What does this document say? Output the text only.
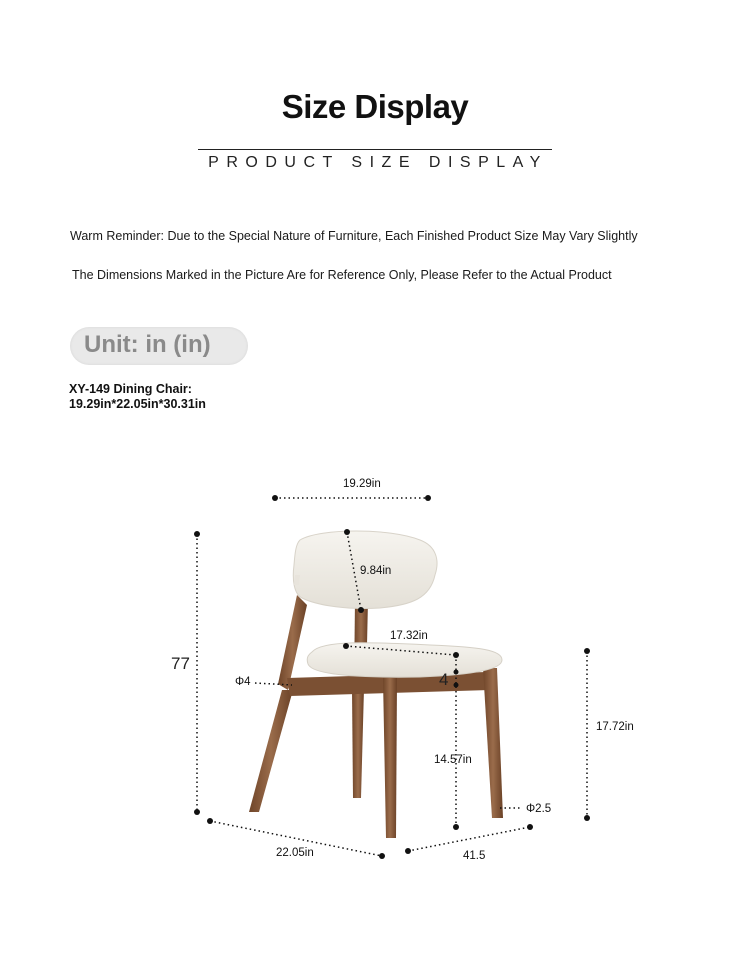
Size Display
PRODUCT SIZE DISPLAY
Warm Reminder: Due to the Special Nature of Furniture, Each Finished Product Size May Vary Slightly
The Dimensions Marked in the Picture Are for Reference Only, Please Refer to the Actual Product
Unit: in (in)
XY-149 Dining Chair:
19.29in*22.05in*30.31in
19.29in
9.84in
17.32in
77
Φ4	4
14.57in
17.72in
Φ2.5
22.05in	41.5
